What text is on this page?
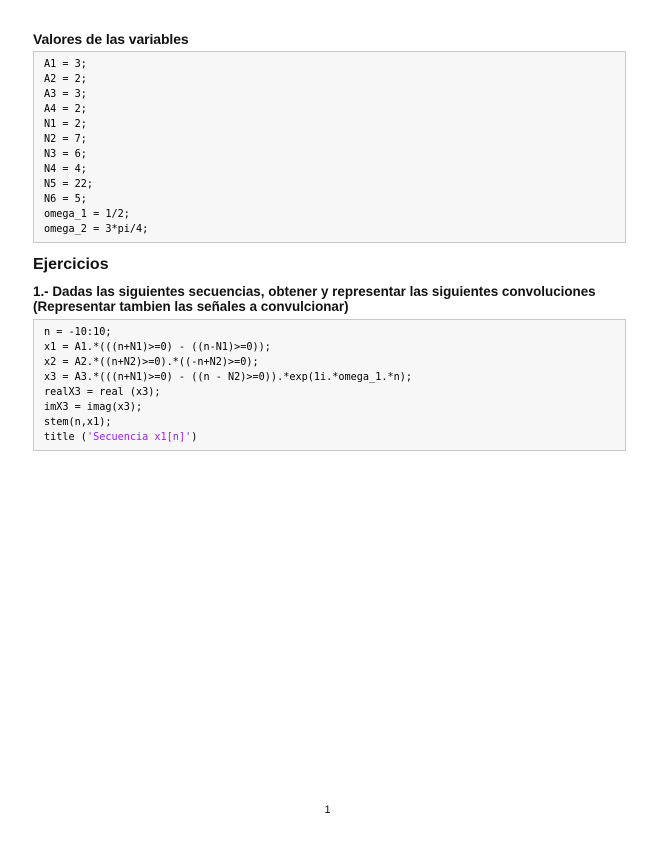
Valores de las variables
A1 = 3;
A2 = 2;
A3 = 3;
A4 = 2;
N1 = 2;
N2 = 7;
N3 = 6;
N4 = 4;
N5 = 22;
N6 = 5;
omega_1 = 1/2;
omega_2 = 3*pi/4;
Ejercicios

1.- Dadas las siguientes secuencias, obtener y representar las siguientes convoluciones (Representar tambien las señales a convulcionar)

n = -10:10;
x1 = A1.*(((n+N1)>=0) - ((n-N1)>=0));
x2 = A2.*((n+N2)>=0).*((-n+N2)>=0);
x3 = A3.*(((n+N1)>=0) - ((n - N2)>=0)).*exp(1i.*omega_1.*n);
realX3 = real (x3);
imX3 = imag(x3);
stem(n,x1);
title ('Secuencia x1[n]')
1
